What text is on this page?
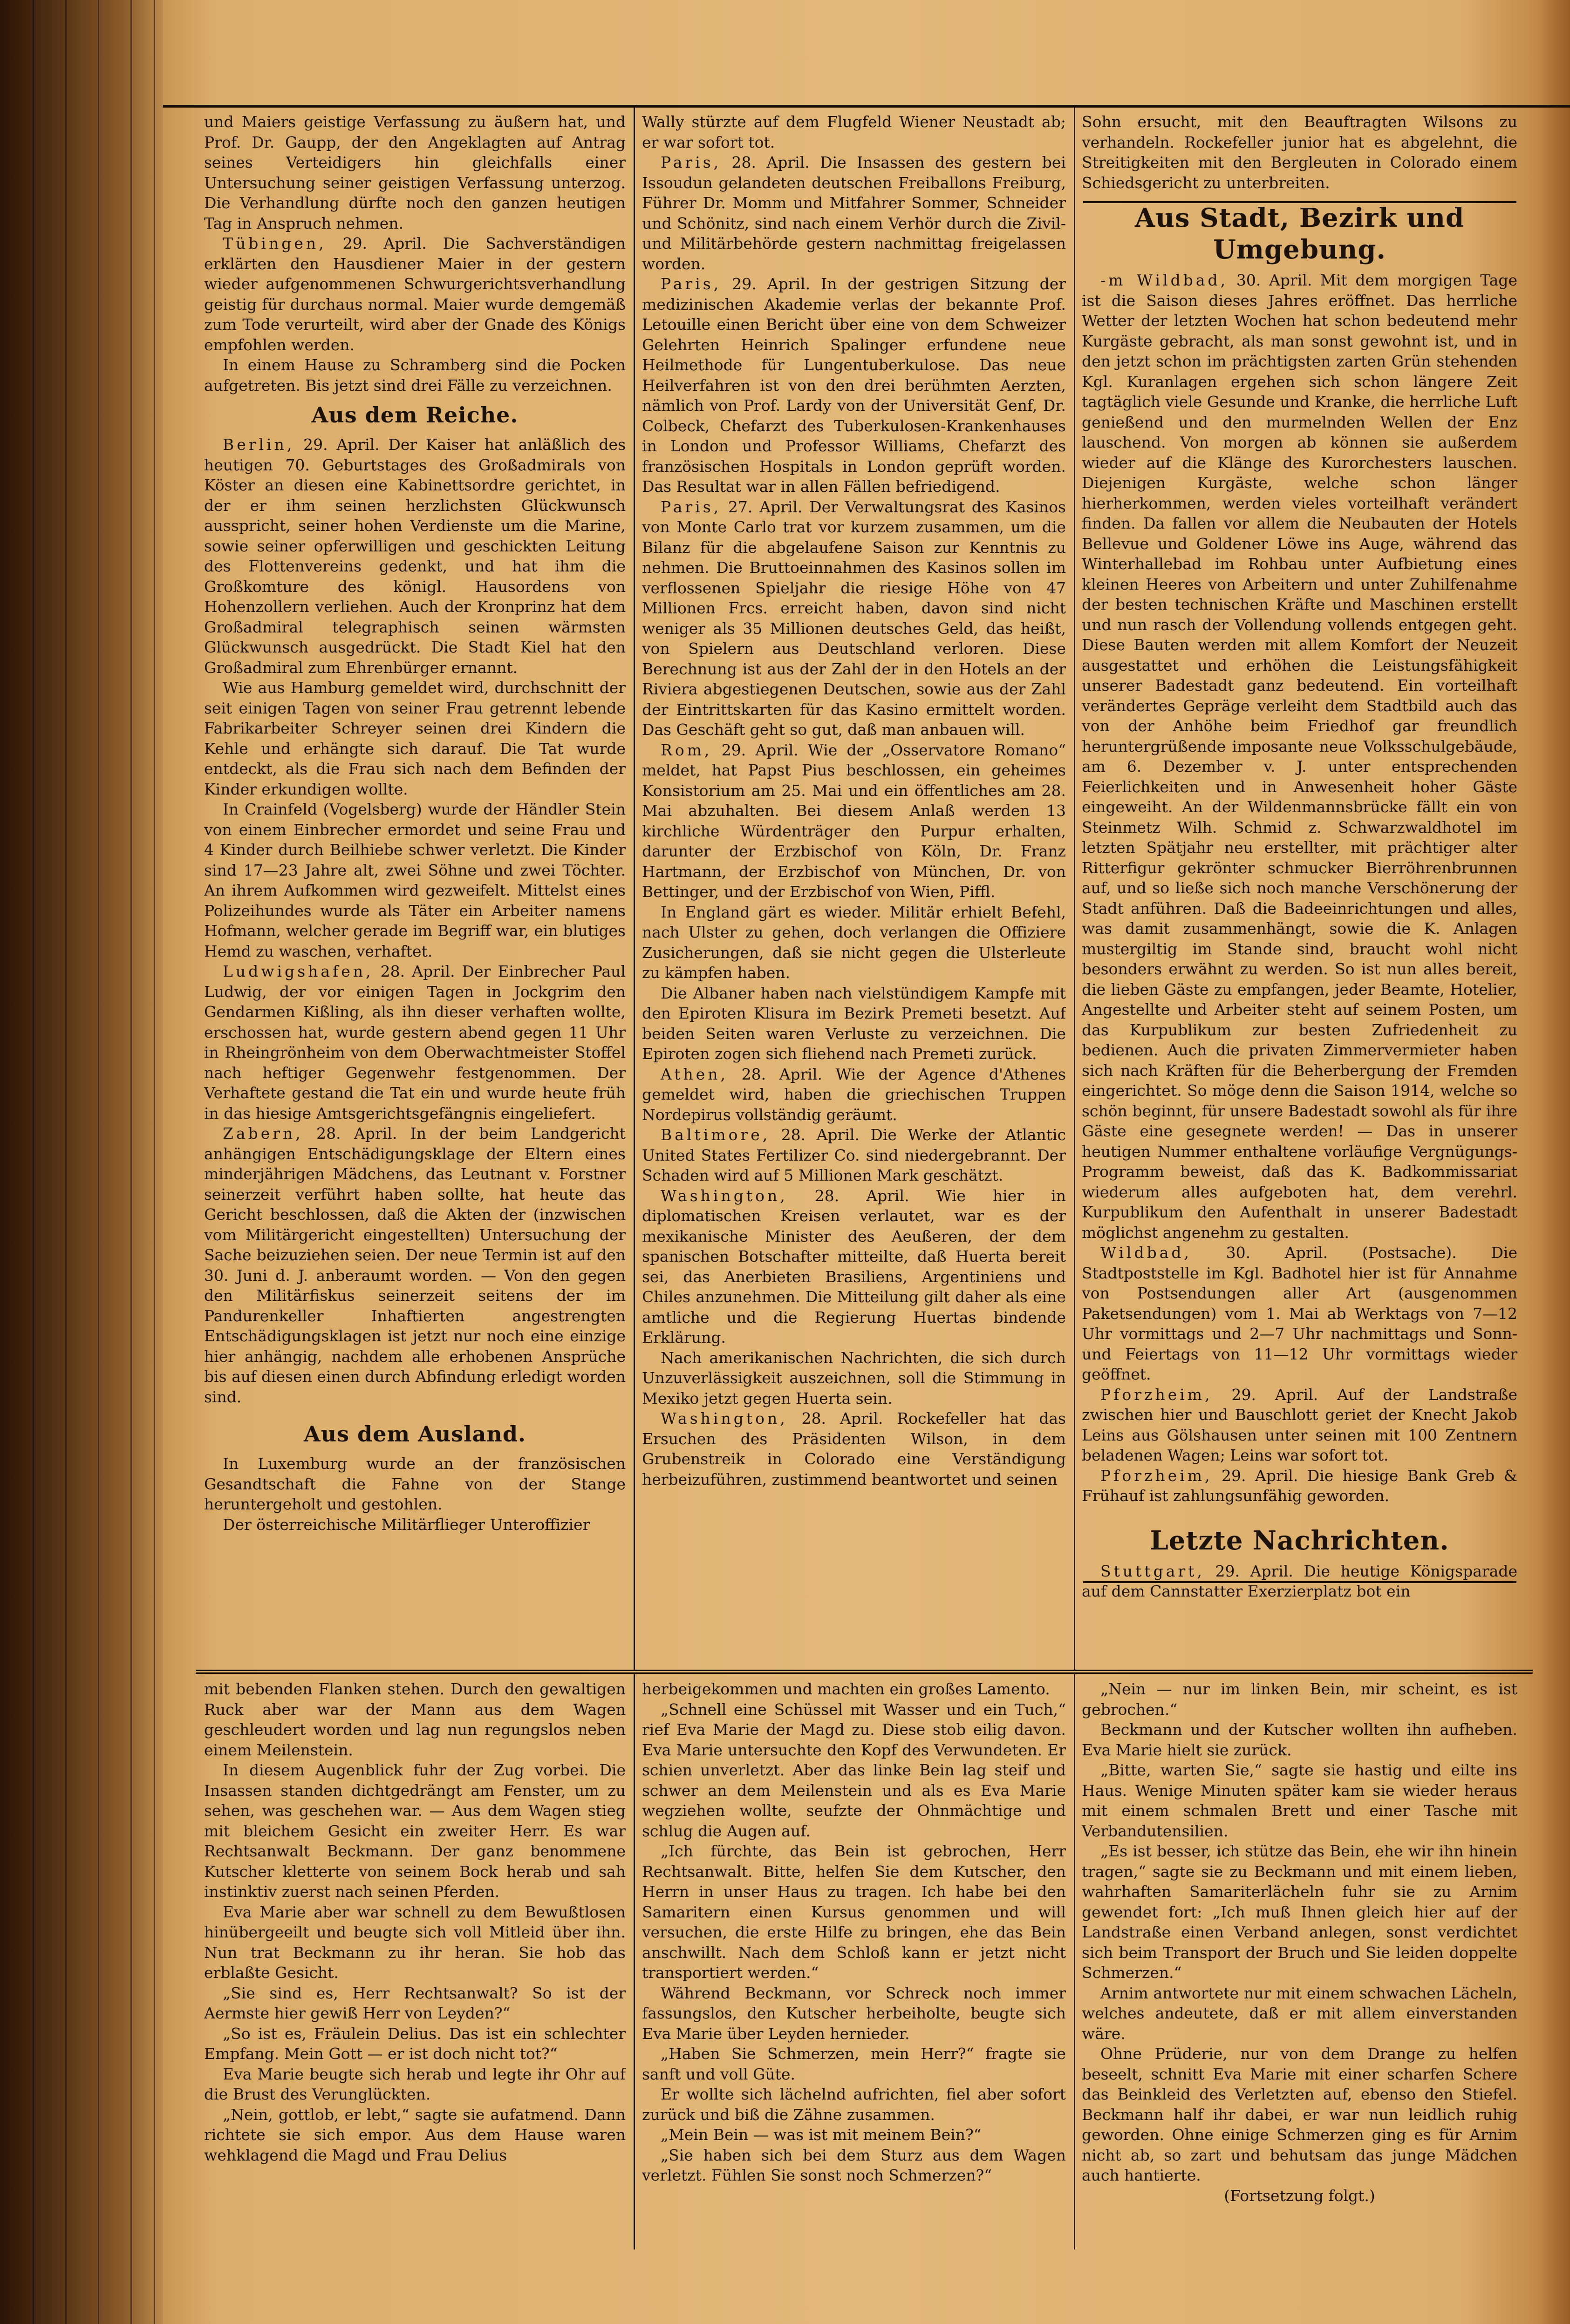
und Maiers geistige Verfassung zu äußern hat, und Prof. Dr. Gaupp, der den Angeklagten auf Antrag seines Verteidigers hin gleichfalls einer Untersuchung seiner geistigen Verfassung unterzog. Die Verhandlung dürfte noch den ganzen heutigen Tag in Anspruch nehmen.

Tübingen, 29. April. Die Sachverständigen erklärten den Hausdiener Maier in der gestern wieder aufgenommenen Schwurgerichtsverhandlung geistig für durchaus normal. Maier wurde demgemäß zum Tode verurteilt, wird aber der Gnade des Königs empfohlen werden.

In einem Hause zu Schramberg sind die Pocken aufgetreten. Bis jetzt sind drei Fälle zu verzeichnen.

Aus dem Reiche.

Berlin, 29. April. Der Kaiser hat anläßlich des heutigen 70. Geburtstages des Großadmirals von Köster an diesen eine Kabinettsordre gerichtet, in der er ihm seinen herzlichsten Glückwunsch ausspricht, seiner hohen Verdienste um die Marine, sowie seiner opferwilligen und geschickten Leitung des Flottenvereins gedenkt, und hat ihm die Großkomture des königl. Hausordens von Hohenzollern verliehen. Auch der Kronprinz hat dem Großadmiral telegraphisch seinen wärmsten Glückwunsch ausgedrückt. Die Stadt Kiel hat den Großadmiral zum Ehrenbürger ernannt.

Wie aus Hamburg gemeldet wird, durchschnitt der seit einigen Tagen von seiner Frau getrennt lebende Fabrikarbeiter Schreyer seinen drei Kindern die Kehle und erhängte sich darauf. Die Tat wurde entdeckt, als die Frau sich nach dem Befinden der Kinder erkundigen wollte.

In Crainfeld (Vogelsberg) wurde der Händler Stein von einem Einbrecher ermordet und seine Frau und 4 Kinder durch Beilhiebe schwer verletzt. Die Kinder sind 17—23 Jahre alt, zwei Söhne und zwei Töchter. An ihrem Aufkommen wird gezweifelt. Mittelst eines Polizeihundes wurde als Täter ein Arbeiter namens Hofmann, welcher gerade im Begriff war, ein blutiges Hemd zu waschen, verhaftet.

Ludwigshafen, 28. April. Der Einbrecher Paul Ludwig, der vor einigen Tagen in Jockgrim den Gendarmen Kißling, als ihn dieser verhaften wollte, erschossen hat, wurde gestern abend gegen 11 Uhr in Rheingrönheim von dem Oberwachtmeister Stoffel nach heftiger Gegenwehr festgenommen. Der Verhaftete gestand die Tat ein und wurde heute früh in das hiesige Amtsgerichtsgefängnis eingeliefert.

Zabern, 28. April. In der beim Landgericht anhängigen Entschädigungsklage der Eltern eines minderjährigen Mädchens, das Leutnant v. Forstner seinerzeit verführt haben sollte, hat heute das Gericht beschlossen, daß die Akten der (inzwischen vom Militärgericht eingestellten) Untersuchung der Sache beizuziehen seien. Der neue Termin ist auf den 30. Juni d. J. anberaumt worden. — Von den gegen den Militärfiskus seinerzeit seitens der im Pandurenkeller Inhaftierten angestrengten Entschädigungsklagen ist jetzt nur noch eine einzige hier anhängig, nachdem alle erhobenen Ansprüche bis auf diesen einen durch Abfindung erledigt worden sind.

Aus dem Ausland.

In Luxemburg wurde an der französischen Gesandtschaft die Fahne von der Stange heruntergeholt und gestohlen.

Der österreichische Militärflieger Unteroffizier

Wally stürzte auf dem Flugfeld Wiener Neustadt ab; er war sofort tot.

Paris, 28. April. Die Insassen des gestern bei Issoudun gelandeten deutschen Freiballons Freiburg, Führer Dr. Momm und Mitfahrer Sommer, Schneider und Schönitz, sind nach einem Verhör durch die Zivil- und Militärbehörde gestern nachmittag freigelassen worden.

Paris, 29. April. In der gestrigen Sitzung der medizinischen Akademie verlas der bekannte Prof. Letouille einen Bericht über eine von dem Schweizer Gelehrten Heinrich Spalinger erfundene neue Heilmethode für Lungentuberkulose. Das neue Heilverfahren ist von den drei berühmten Aerzten, nämlich von Prof. Lardy von der Universität Genf, Dr. Colbeck, Chefarzt des Tuberkulosen-Krankenhauses in London und Professor Williams, Chefarzt des französischen Hospitals in London geprüft worden. Das Resultat war in allen Fällen befriedigend.

Paris, 27. April. Der Verwaltungsrat des Kasinos von Monte Carlo trat vor kurzem zusammen, um die Bilanz für die abgelaufene Saison zur Kenntnis zu nehmen. Die Bruttoeinnahmen des Kasinos sollen im verflossenen Spieljahr die riesige Höhe von 47 Millionen Frcs. erreicht haben, davon sind nicht weniger als 35 Millionen deutsches Geld, das heißt, von Spielern aus Deutschland verloren. Diese Berechnung ist aus der Zahl der in den Hotels an der Riviera abgestiegenen Deutschen, sowie aus der Zahl der Eintrittskarten für das Kasino ermittelt worden. Das Geschäft geht so gut, daß man anbauen will.

Rom, 29. April. Wie der „Osservatore Romano“ meldet, hat Papst Pius beschlossen, ein geheimes Konsistorium am 25. Mai und ein öffentliches am 28. Mai abzuhalten. Bei diesem Anlaß werden 13 kirchliche Würdenträger den Purpur erhalten, darunter der Erzbischof von Köln, Dr. Franz Hartmann, der Erzbischof von München, Dr. von Bettinger, und der Erzbischof von Wien, Piffl.

In England gärt es wieder. Militär erhielt Befehl, nach Ulster zu gehen, doch verlangen die Offiziere Zusicherungen, daß sie nicht gegen die Ulsterleute zu kämpfen haben.

Die Albaner haben nach vielstündigem Kampfe mit den Epiroten Klisura im Bezirk Premeti besetzt. Auf beiden Seiten waren Verluste zu verzeichnen. Die Epiroten zogen sich fliehend nach Premeti zurück.

Athen, 28. April. Wie der Agence d'Athenes gemeldet wird, haben die griechischen Truppen Nordepirus vollständig geräumt.

Baltimore, 28. April. Die Werke der Atlantic United States Fertilizer Co. sind niedergebrannt. Der Schaden wird auf 5 Millionen Mark geschätzt.

Washington, 28. April. Wie hier in diplomatischen Kreisen verlautet, war es der mexikanische Minister des Aeußeren, der dem spanischen Botschafter mitteilte, daß Huerta bereit sei, das Anerbieten Brasiliens, Argentiniens und Chiles anzunehmen. Die Mitteilung gilt daher als eine amtliche und die Regierung Huertas bindende Erklärung.

Nach amerikanischen Nachrichten, die sich durch Unzuverlässigkeit auszeichnen, soll die Stimmung in Mexiko jetzt gegen Huerta sein.

Washington, 28. April. Rockefeller hat das Ersuchen des Präsidenten Wilson, in dem Grubenstreik in Colorado eine Verständigung herbeizuführen, zustimmend beantwortet und seinen

Sohn ersucht, mit den Beauftragten Wilsons zu verhandeln. Rockefeller junior hat es abgelehnt, die Streitigkeiten mit den Bergleuten in Colorado einem Schiedsgericht zu unterbreiten.

Aus Stadt, Bezirk und Umgebung.

-m Wildbad, 30. April. Mit dem morgigen Tage ist die Saison dieses Jahres eröffnet. Das herrliche Wetter der letzten Wochen hat schon bedeutend mehr Kurgäste gebracht, als man sonst gewohnt ist, und in den jetzt schon im prächtigsten zarten Grün stehenden Kgl. Kuranlagen ergehen sich schon längere Zeit tagtäglich viele Gesunde und Kranke, die herrliche Luft genießend und den murmelnden Wellen der Enz lauschend. Von morgen ab können sie außerdem wieder auf die Klänge des Kurorchesters lauschen. Diejenigen Kurgäste, welche schon länger hierherkommen, werden vieles vorteilhaft verändert finden. Da fallen vor allem die Neubauten der Hotels Bellevue und Goldener Löwe ins Auge, während das Winterhallebad im Rohbau unter Aufbietung eines kleinen Heeres von Arbeitern und unter Zuhilfenahme der besten technischen Kräfte und Maschinen erstellt und nun rasch der Vollendung vollends entgegen geht. Diese Bauten werden mit allem Komfort der Neuzeit ausgestattet und erhöhen die Leistungsfähigkeit unserer Badestadt ganz bedeutend. Ein vorteilhaft verändertes Gepräge verleiht dem Stadtbild auch das von der Anhöhe beim Friedhof gar freundlich heruntergrüßende imposante neue Volksschulgebäude, am 6. Dezember v. J. unter entsprechenden Feierlichkeiten und in Anwesenheit hoher Gäste eingeweiht. An der Wildenmannsbrücke fällt ein von Steinmetz Wilh. Schmid z. Schwarzwaldhotel im letzten Spätjahr neu erstellter, mit prächtiger alter Ritterfigur gekrönter schmucker Bierröhrenbrunnen auf, und so ließe sich noch manche Verschönerung der Stadt anführen. Daß die Badeeinrichtungen und alles, was damit zusammenhängt, sowie die K. Anlagen mustergiltig im Stande sind, braucht wohl nicht besonders erwähnt zu werden. So ist nun alles bereit, die lieben Gäste zu empfangen, jeder Beamte, Hotelier, Angestellte und Arbeiter steht auf seinem Posten, um das Kurpublikum zur besten Zufriedenheit zu bedienen. Auch die privaten Zimmervermieter haben sich nach Kräften für die Beherbergung der Fremden eingerichtet. So möge denn die Saison 1914, welche so schön beginnt, für unsere Badestadt sowohl als für ihre Gäste eine gesegnete werden! — Das in unserer heutigen Nummer enthaltene vorläufige Vergnügungs-Programm beweist, daß das K. Badkommissariat wiederum alles aufgeboten hat, dem verehrl. Kurpublikum den Aufenthalt in unserer Badestadt möglichst angenehm zu gestalten.

Wildbad, 30. April. (Postsache). Die Stadtpoststelle im Kgl. Badhotel hier ist für Annahme von Postsendungen aller Art (ausgenommen Paketsendungen) vom 1. Mai ab Werktags von 7—12 Uhr vormittags und 2—7 Uhr nachmittags und Sonn- und Feiertags von 11—12 Uhr vormittags wieder geöffnet.

Pforzheim, 29. April. Auf der Landstraße zwischen hier und Bauschlott geriet der Knecht Jakob Leins aus Gölshausen unter seinen mit 100 Zentnern beladenen Wagen; Leins war sofort tot.

Pforzheim, 29. April. Die hiesige Bank Greb & Frühauf ist zahlungsunfähig geworden.

Letzte Nachrichten.

Stuttgart, 29. April. Die heutige Königsparade auf dem Cannstatter Exerzierplatz bot ein

mit bebenden Flanken stehen. Durch den gewaltigen Ruck aber war der Mann aus dem Wagen geschleudert worden und lag nun regungslos neben einem Meilenstein.

In diesem Augenblick fuhr der Zug vorbei. Die Insassen standen dichtgedrängt am Fenster, um zu sehen, was geschehen war. — Aus dem Wagen stieg mit bleichem Gesicht ein zweiter Herr. Es war Rechtsanwalt Beckmann. Der ganz benommene Kutscher kletterte von seinem Bock herab und sah instinktiv zuerst nach seinen Pferden.

Eva Marie aber war schnell zu dem Bewußtlosen hinübergeeilt und beugte sich voll Mitleid über ihn. Nun trat Beckmann zu ihr heran. Sie hob das erblaßte Gesicht.

„Sie sind es, Herr Rechtsanwalt? So ist der Aermste hier gewiß Herr von Leyden?“

„So ist es, Fräulein Delius. Das ist ein schlechter Empfang. Mein Gott — er ist doch nicht tot?“

Eva Marie beugte sich herab und legte ihr Ohr auf die Brust des Verunglückten.

„Nein, gottlob, er lebt,“ sagte sie aufatmend. Dann richtete sie sich empor. Aus dem Hause waren wehklagend die Magd und Frau Delius

herbeigekommen und machten ein großes Lamento.

„Schnell eine Schüssel mit Wasser und ein Tuch,“ rief Eva Marie der Magd zu. Diese stob eilig davon. Eva Marie untersuchte den Kopf des Verwundeten. Er schien unverletzt. Aber das linke Bein lag steif und schwer an dem Meilenstein und als es Eva Marie wegziehen wollte, seufzte der Ohnmächtige und schlug die Augen auf.

„Ich fürchte, das Bein ist gebrochen, Herr Rechtsanwalt. Bitte, helfen Sie dem Kutscher, den Herrn in unser Haus zu tragen. Ich habe bei den Samaritern einen Kursus genommen und will versuchen, die erste Hilfe zu bringen, ehe das Bein anschwillt. Nach dem Schloß kann er jetzt nicht transportiert werden.“

Während Beckmann, vor Schreck noch immer fassungslos, den Kutscher herbeiholte, beugte sich Eva Marie über Leyden hernieder.

„Haben Sie Schmerzen, mein Herr?“ fragte sie sanft und voll Güte.

Er wollte sich lächelnd aufrichten, fiel aber sofort zurück und biß die Zähne zusammen.

„Mein Bein — was ist mit meinem Bein?“

„Sie haben sich bei dem Sturz aus dem Wagen verletzt. Fühlen Sie sonst noch Schmerzen?“

„Nein — nur im linken Bein, mir scheint, es ist gebrochen.“

Beckmann und der Kutscher wollten ihn aufheben. Eva Marie hielt sie zurück.

„Bitte, warten Sie,“ sagte sie hastig und eilte ins Haus. Wenige Minuten später kam sie wieder heraus mit einem schmalen Brett und einer Tasche mit Verbandutensilien.

„Es ist besser, ich stütze das Bein, ehe wir ihn hinein tragen,“ sagte sie zu Beckmann und mit einem lieben, wahrhaften Samariterlächeln fuhr sie zu Arnim gewendet fort: „Ich muß Ihnen gleich hier auf der Landstraße einen Verband anlegen, sonst verdichtet sich beim Transport der Bruch und Sie leiden doppelte Schmerzen.“

Arnim antwortete nur mit einem schwachen Lächeln, welches andeutete, daß er mit allem einverstanden wäre.

Ohne Prüderie, nur von dem Drange zu helfen beseelt, schnitt Eva Marie mit einer scharfen Schere das Beinkleid des Verletzten auf, ebenso den Stiefel. Beckmann half ihr dabei, er war nun leidlich ruhig geworden. Ohne einige Schmerzen ging es für Arnim nicht ab, so zart und behutsam das junge Mädchen auch hantierte.

(Fortsetzung folgt.)
